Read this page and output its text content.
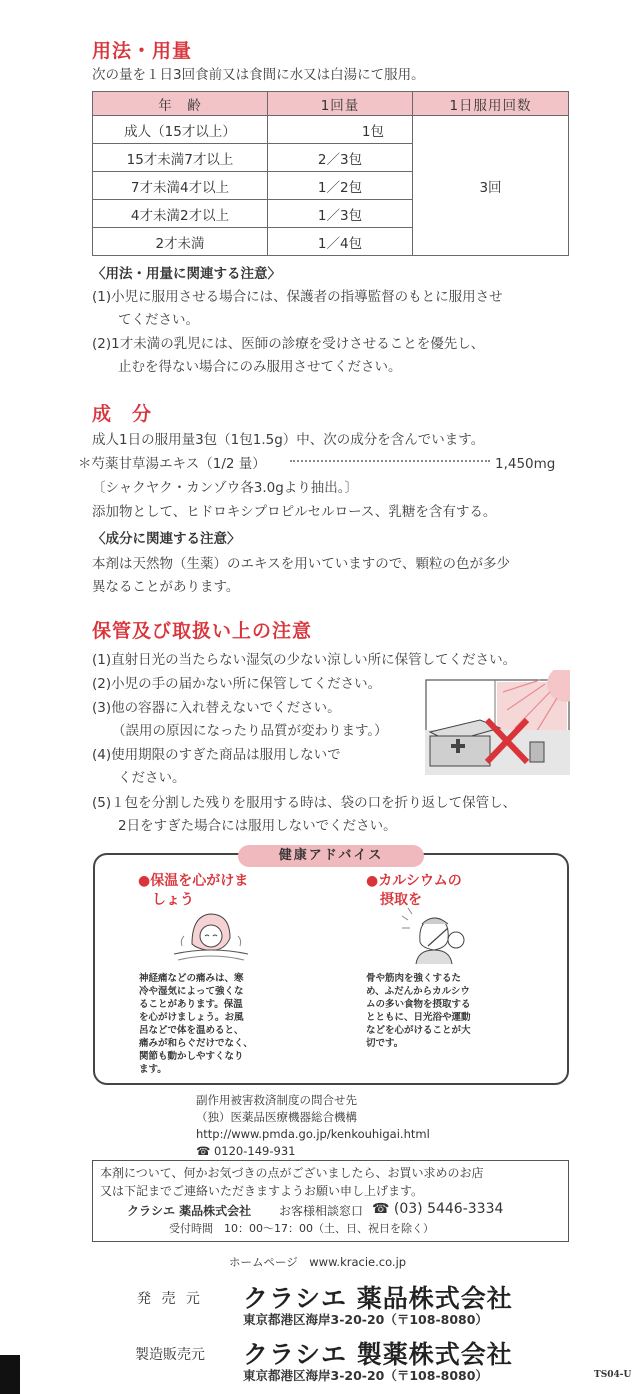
用法・用量
次の量を１日3回食前又は食間に水又は白湯にて服用。
年　齢	1回量	1日服用回数
成人（15才以上）	1包	3回
15才未満7才以上	2／3包	
7才未満4才以上	1／2包	
4才未満2才以上	1／3包	
2才未満	1／4包	
〈用法・用量に関連する注意〉
(1)小児に服用させる場合には、保護者の指導監督のもとに服用させ
てください。
(2)1才未満の乳児には、医師の診療を受けさせることを優先し、
止むを得ない場合にのみ服用させてください。
成　分
成人1日の服用量3包（1包1.5g）中、次の成分を含んでいます。
＊芍薬甘草湯エキス（1/2 量）	1,450mg
〔シャクヤク・カンゾウ各3.0gより抽出。〕
添加物として、ヒドロキシプロピルセルロース、乳糖を含有する。
〈成分に関連する注意〉
本剤は天然物（生薬）のエキスを用いていますので、顆粒の色が多少
異なることがあります。
保管及び取扱い上の注意
(1)直射日光の当たらない湿気の少ない涼しい所に保管してください。
(2)小児の手の届かない所に保管してください。
(3)他の容器に入れ替えないでください。
（誤用の原因になったり品質が変わります。）
(4)使用期限のすぎた商品は服用しないで
ください。
(5)１包を分割した残りを服用する時は、袋の口を折り返して保管し、
2日をすぎた場合には服用しないでください。
健康アドバイス
●保温を心がけま
しょう
●カルシウムの
摂取を
神経痛などの痛みは、寒
冷や湿気によって強くな
ることがあります。保温
を心がけましょう。お風
呂などで体を温めると、
痛みが和らぐだけでなく、
関節も動かしやすくなり
ます。
骨や筋肉を強くするた
め、ふだんからカルシウ
ムの多い食物を摂取する
とともに、日光浴や運動
などを心がけることが大
切です。
副作用被害救済制度の問合せ先
（独）医薬品医療機器総合機構
http://www.pmda.go.jp/kenkouhigai.html
☎ 0120-149-931
本剤について、何かお気づきの点がございましたら、お買い求めのお店
又は下記までご連絡いただきますようお願い申し上げます。
クラシエ 薬品株式会社 お客様相談窓口 ☎ (03) 5446-3334
受付時間　10：00～17：00（土、日、祝日を除く）
ホームページ　www.kracie.co.jp
発 売 元 クラシエ 薬品株式会社
東京都港区海岸3-20-20（〒108-8080）
製造販売元 クラシエ 製薬株式会社
東京都港区海岸3-20-20（〒108-8080）	TS04-U
